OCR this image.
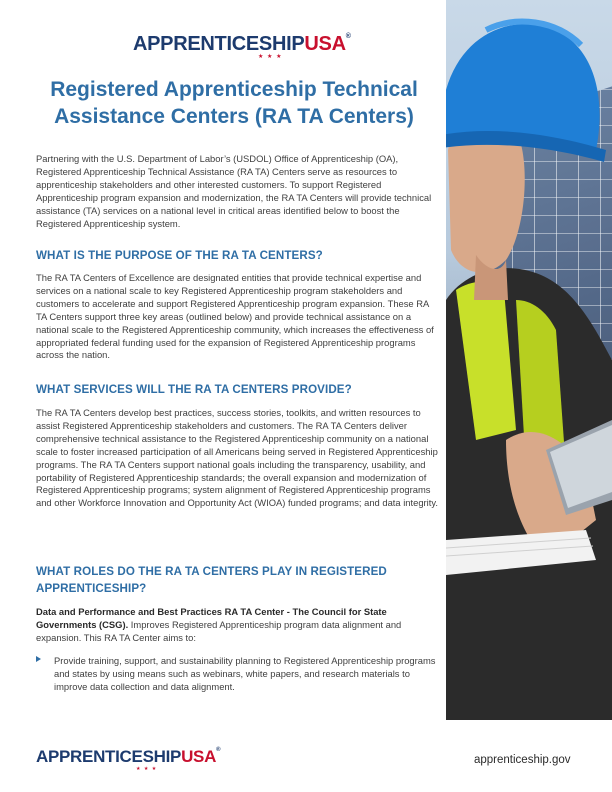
APPRENTICESHIPUSA®
★ ★ ★
Registered Apprenticeship Technical
Assistance Centers (RA TA Centers)

Partnering with the U.S. Department of Labor’s (USDOL) Office of Apprenticeship (OA), Registered Apprenticeship Technical Assistance (RA TA) Centers serve as resources to apprenticeship stakeholders and other interested customers. To support Registered Apprenticeship program expansion and modernization, the RA TA Centers will provide technical assistance (TA) services on a national level in critical areas identified below to boost the Registered Apprenticeship system.

WHAT IS THE PURPOSE OF THE RA TA CENTERS?

The RA TA Centers of Excellence are designated entities that provide technical expertise and services on a national scale to key Registered Apprenticeship program stakeholders and customers to accelerate and support Registered Apprenticeship program expansion. These RA TA Centers support three key areas (outlined below) and provide technical assistance on a national scale to the Registered Apprenticeship community, which increases the effectiveness of appropriated federal funding used for the expansion of Registered Apprenticeship programs across the nation.

WHAT SERVICES WILL THE RA TA CENTERS PROVIDE?

The RA TA Centers develop best practices, success stories, toolkits, and written resources to assist Registered Apprenticeship stakeholders and customers. The RA TA Centers deliver comprehensive technical assistance to the Registered Apprenticeship community on a national scale to foster increased participation of all Americans being served in Registered Apprenticeship programs. The RA TA Centers support national goals including the transparency, usability, and portability of Registered Apprenticeship standards; the overall expansion and modernization of Registered Apprenticeship programs; system alignment of Registered Apprenticeship programs and other Workforce Innovation and Opportunity Act (WIOA) funded programs; and data integrity.

WHAT ROLES DO THE RA TA CENTERS PLAY IN REGISTERED APPRENTICESHIP?

Data and Performance and Best Practices RA TA Center - The Council for State Governments (CSG). Improves Registered Apprenticeship program data alignment and expansion. This RA TA Center aims to:

Provide training, support, and sustainability planning to Registered Apprenticeship programs and states by using means such as webinars, white papers, and research materials to improve data collection and data alignment.
APPRENTICESHIPUSA®
★ ★ ★
apprenticeship.gov
